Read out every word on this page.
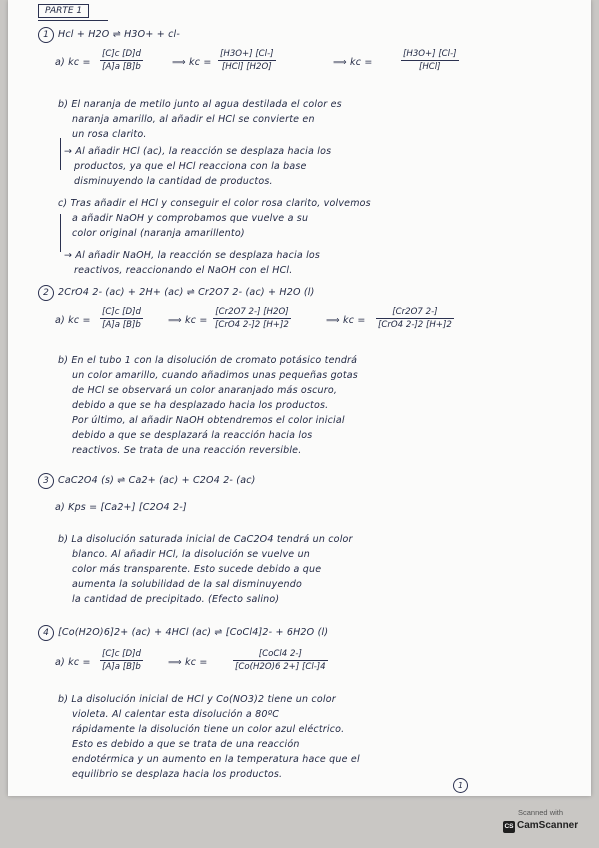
PARTE 1
1 Hcl + H2O ⇌ H3O+ + cl-

a) kc = $\frac{[C]c [D]d}{[A]a [B]b}$	⟹ kc =

[H3O+] [Cl-]
[HCl] [H2O]	⟹ kc =

[H3O+] [Cl-]
[HCl]

b) El naranja de metilo junto al agua destilada el color es

naranja amarillo, al añadir el HCl se convierte en

un rosa clarito.

→ Al añadir HCl (ac), la reacción se desplaza hacia los

productos, ya que el HCl reacciona con la base

disminuyendo la cantidad de productos.

c) Tras añadir el HCl y conseguir el color rosa clarito, volvemos

a añadir NaOH y comprobamos que vuelve a su

color original (naranja amarillento)

→ Al añadir NaOH, la reacción se desplaza hacia los

reactivos, reaccionando el NaOH con el HCl.

2 2CrO4 2- (ac) + 2H+ (ac) ⇌ Cr2O7 2- (ac) + H2O (l)

a) kc = $\frac{[C]c [D]d}{[A]a [B]b}$	⟹ kc =

[Cr2O7 2-] [H2O]
[CrO4 2-]2 [H+]2	⟹ kc =

[Cr2O7 2-]
[CrO4 2-]2 [H+]2

b) En el tubo 1 con la disolución de cromato potásico tendrá

un color amarillo, cuando añadimos unas pequeñas gotas

de HCl se observará un color anaranjado más oscuro,

debido a que se ha desplazado hacia los productos.

Por último, al añadir NaOH obtendremos el color inicial

debido a que se desplazará la reacción hacia los

reactivos. Se trata de una reacción reversible.

3 CaC2O4 (s) ⇌ Ca2+ (ac) + C2O4 2- (ac)

a) Kps = [Ca2+] [C2O4 2-]

b) La disolución saturada inicial de CaC2O4 tendrá un color

blanco. Al añadir HCl, la disolución se vuelve un

color más transparente. Esto sucede debido a que

aumenta la solubilidad de la sal disminuyendo

la cantidad de precipitado. (Efecto salino)

4 [Co(H2O)6]2+ (ac) + 4HCl (ac) ⇌ [CoCl4]2- + 6H2O (l)

a) kc = $\frac{[C]c [D]d}{[A]a [B]b}$	⟹ kc =

[CoCl4 2-]
[Co(H2O)6 2+] [Cl-]4

b) La disolución inicial de HCl y Co(NO3)2 tiene un color

violeta. Al calentar esta disolución a 80ºC

rápidamente la disolución tiene un color azul eléctrico.

Esto es debido a que se trata de una reacción

endotérmica y un aumento en la temperatura hace que el

equilibrio se desplaza hacia los productos.

1
Scanned with
CS CamScanner
